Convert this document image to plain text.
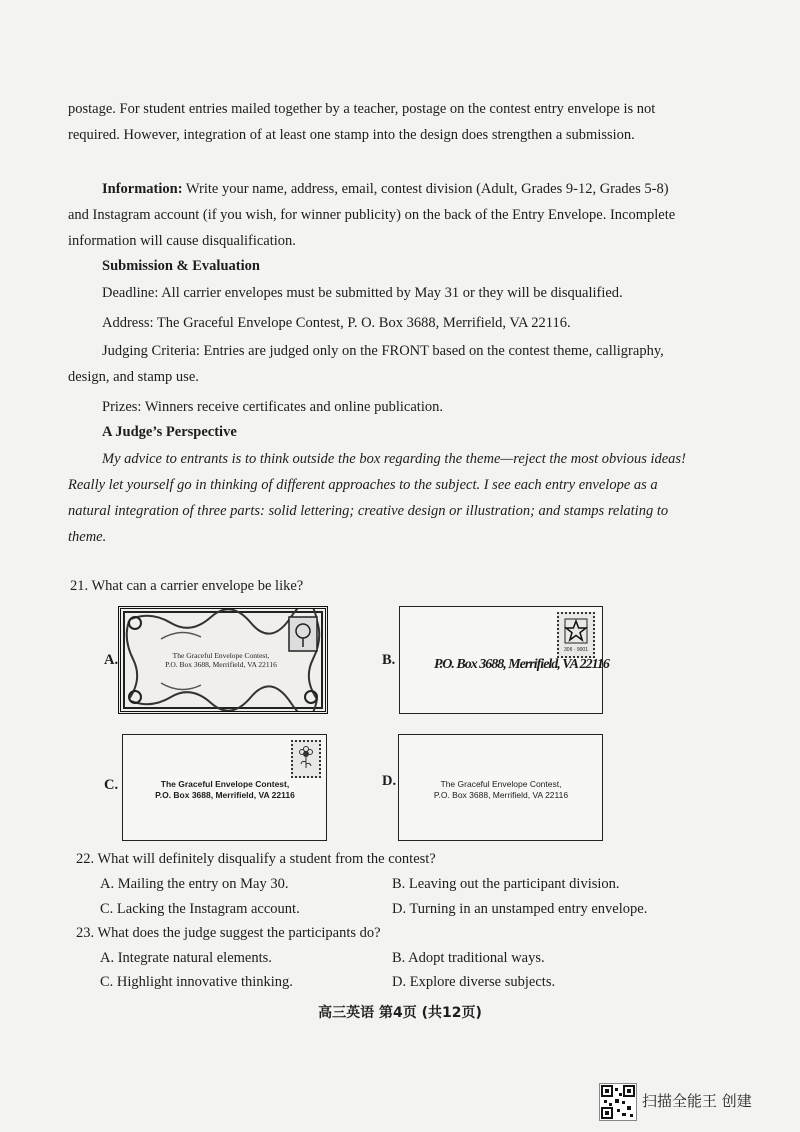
postage. For student entries mailed together by a teacher, postage on the contest entry envelope is not required. However, integration of at least one stamp into the design does strengthen a submission.
Information: Write your name, address, email, contest division (Adult, Grades 9-12, Grades 5-8) and Instagram account (if you wish, for winner publicity) on the back of the Entry Envelope. Incomplete information will cause disqualification.
Submission & Evaluation
Deadline: All carrier envelopes must be submitted by May 31 or they will be disqualified.
Address: The Graceful Envelope Contest, P. O. Box 3688, Merrifield, VA 22116.
Judging Criteria: Entries are judged only on the FRONT based on the contest theme, calligraphy, design, and stamp use.
Prizes: Winners receive certificates and online publication.
A Judge’s Perspective
My advice to entrants is to think outside the box regarding the theme—reject the most obvious ideas! Really let yourself go in thinking of different approaches to the subject. I see each entry envelope as a natural integration of three parts: solid lettering; creative design or illustration; and stamps relating to theme.
21. What can a carrier envelope be like?
A.	The Graceful Envelope Contest,
P.O. Box 3688, Merrifield, VA 22116	B.
30¢ · 9001
P.O. Box 3688, Merrifield, VA 22116
C.	The Graceful Envelope Contest,
P.O. Box 3688, Merrifield, VA 22116
D.	The Graceful Envelope Contest,
P.O. Box 3688, Merrifield, VA 22116
22. What will definitely disqualify a student from the contest?
A. Mailing the entry on May 30.	B. Leaving out the participant division.
C. Lacking the Instagram account.	D. Turning in an unstamped entry envelope.
23. What does the judge suggest the participants do?
A. Integrate natural elements.	B. Adopt traditional ways.
C. Highlight innovative thinking.	D. Explore diverse subjects.
高三英语 第4页 (共12页)
扫描全能王 创建
